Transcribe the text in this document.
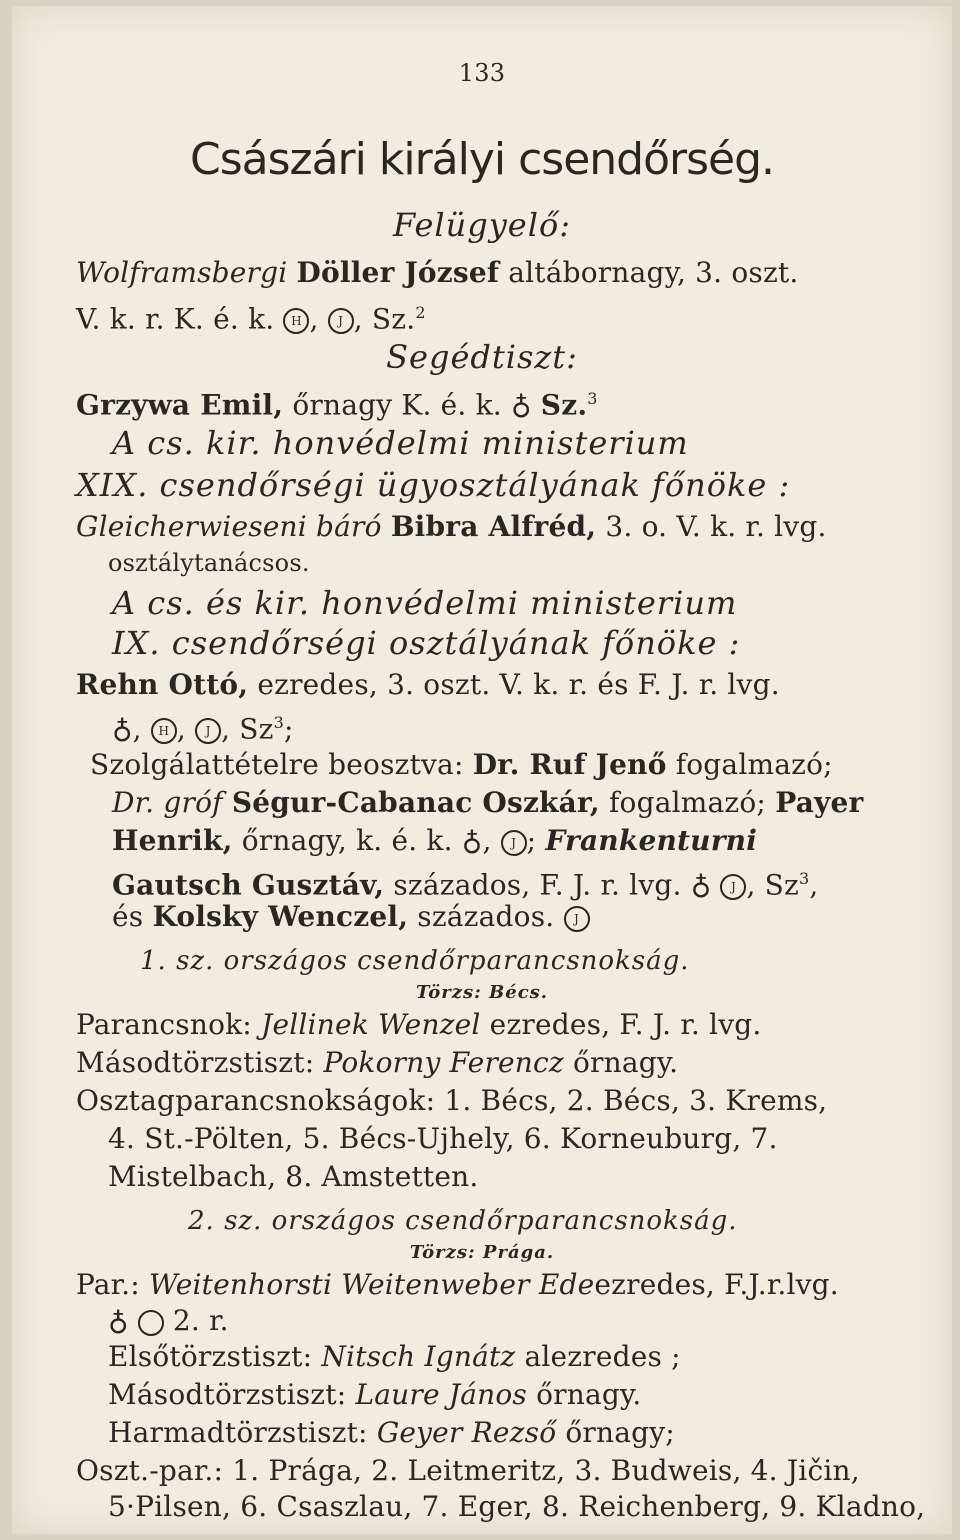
133
Császári királyi csendőrség.
Felügyelő:
Wolframsbergi Döller József altábornagy, 3. oszt.
V. k. r. K. é. k. H , J , Sz.$^2$
Segédtiszt:
Grzywa Emil, őrnagy K. é. k. ♁ Sz.$^3$
A cs. kir. honvédelmi ministerium
XIX. csendőrségi ügyosztályának főnöke :
Gleicherwieseni báró Bibra Alfréd, 3. o. V. k. r. lvg.
osztálytanácsos.
A cs. és kir. honvédelmi ministerium
IX. csendőrségi osztályának főnöke :
Rehn Ottó, ezredes, 3. oszt. V. k. r. és F. J. r. lvg.
♁, H , J , Sz$^3$;
Szolgálattételre beosztva: Dr. Ruf Jenő fogalmazó;
Dr. gróf Ségur-Cabanac Oszkár, fogalmazó; Payer
Henrik, őrnagy, k. é. k. ♁, J ; Frankenturni
Gautsch Gusztáv, százados, F. J. r. lvg. ♁ J , Sz$^3$,
és Kolsky Wenczel, százados. J
1. sz. országos csendőrparancsnokság.
Törzs: Bécs.
Parancsnok: Jellinek Wenzel ezredes, F. J. r. lvg.
Másodtörzstiszt: Pokorny Ferencz őrnagy.
Osztagparancsnokságok: 1. Bécs, 2. Bécs, 3. Krems,
4. St.-Pölten, 5. Bécs-Ujhely, 6. Korneuburg, 7.
Mistelbach, 8. Amstetten.
2. sz. országos csendőrparancsnokság.
Törzs: Prága.
Par.: Weitenhorsti Weitenweber Edeezredes, F.J.r.lvg.
♁ 2. r.
Elsőtörzstiszt: Nitsch Ignátz alezredes ;
Másodtörzstiszt: Laure János őrnagy.
Harmadtörzstiszt: Geyer Rezső őrnagy;
Oszt.-par.: 1. Prága, 2. Leitmeritz, 3. Budweis, 4. Jičin,
5·Pilsen, 6. Csaszlau, 7. Eger, 8. Reichenberg, 9. Kladno,
